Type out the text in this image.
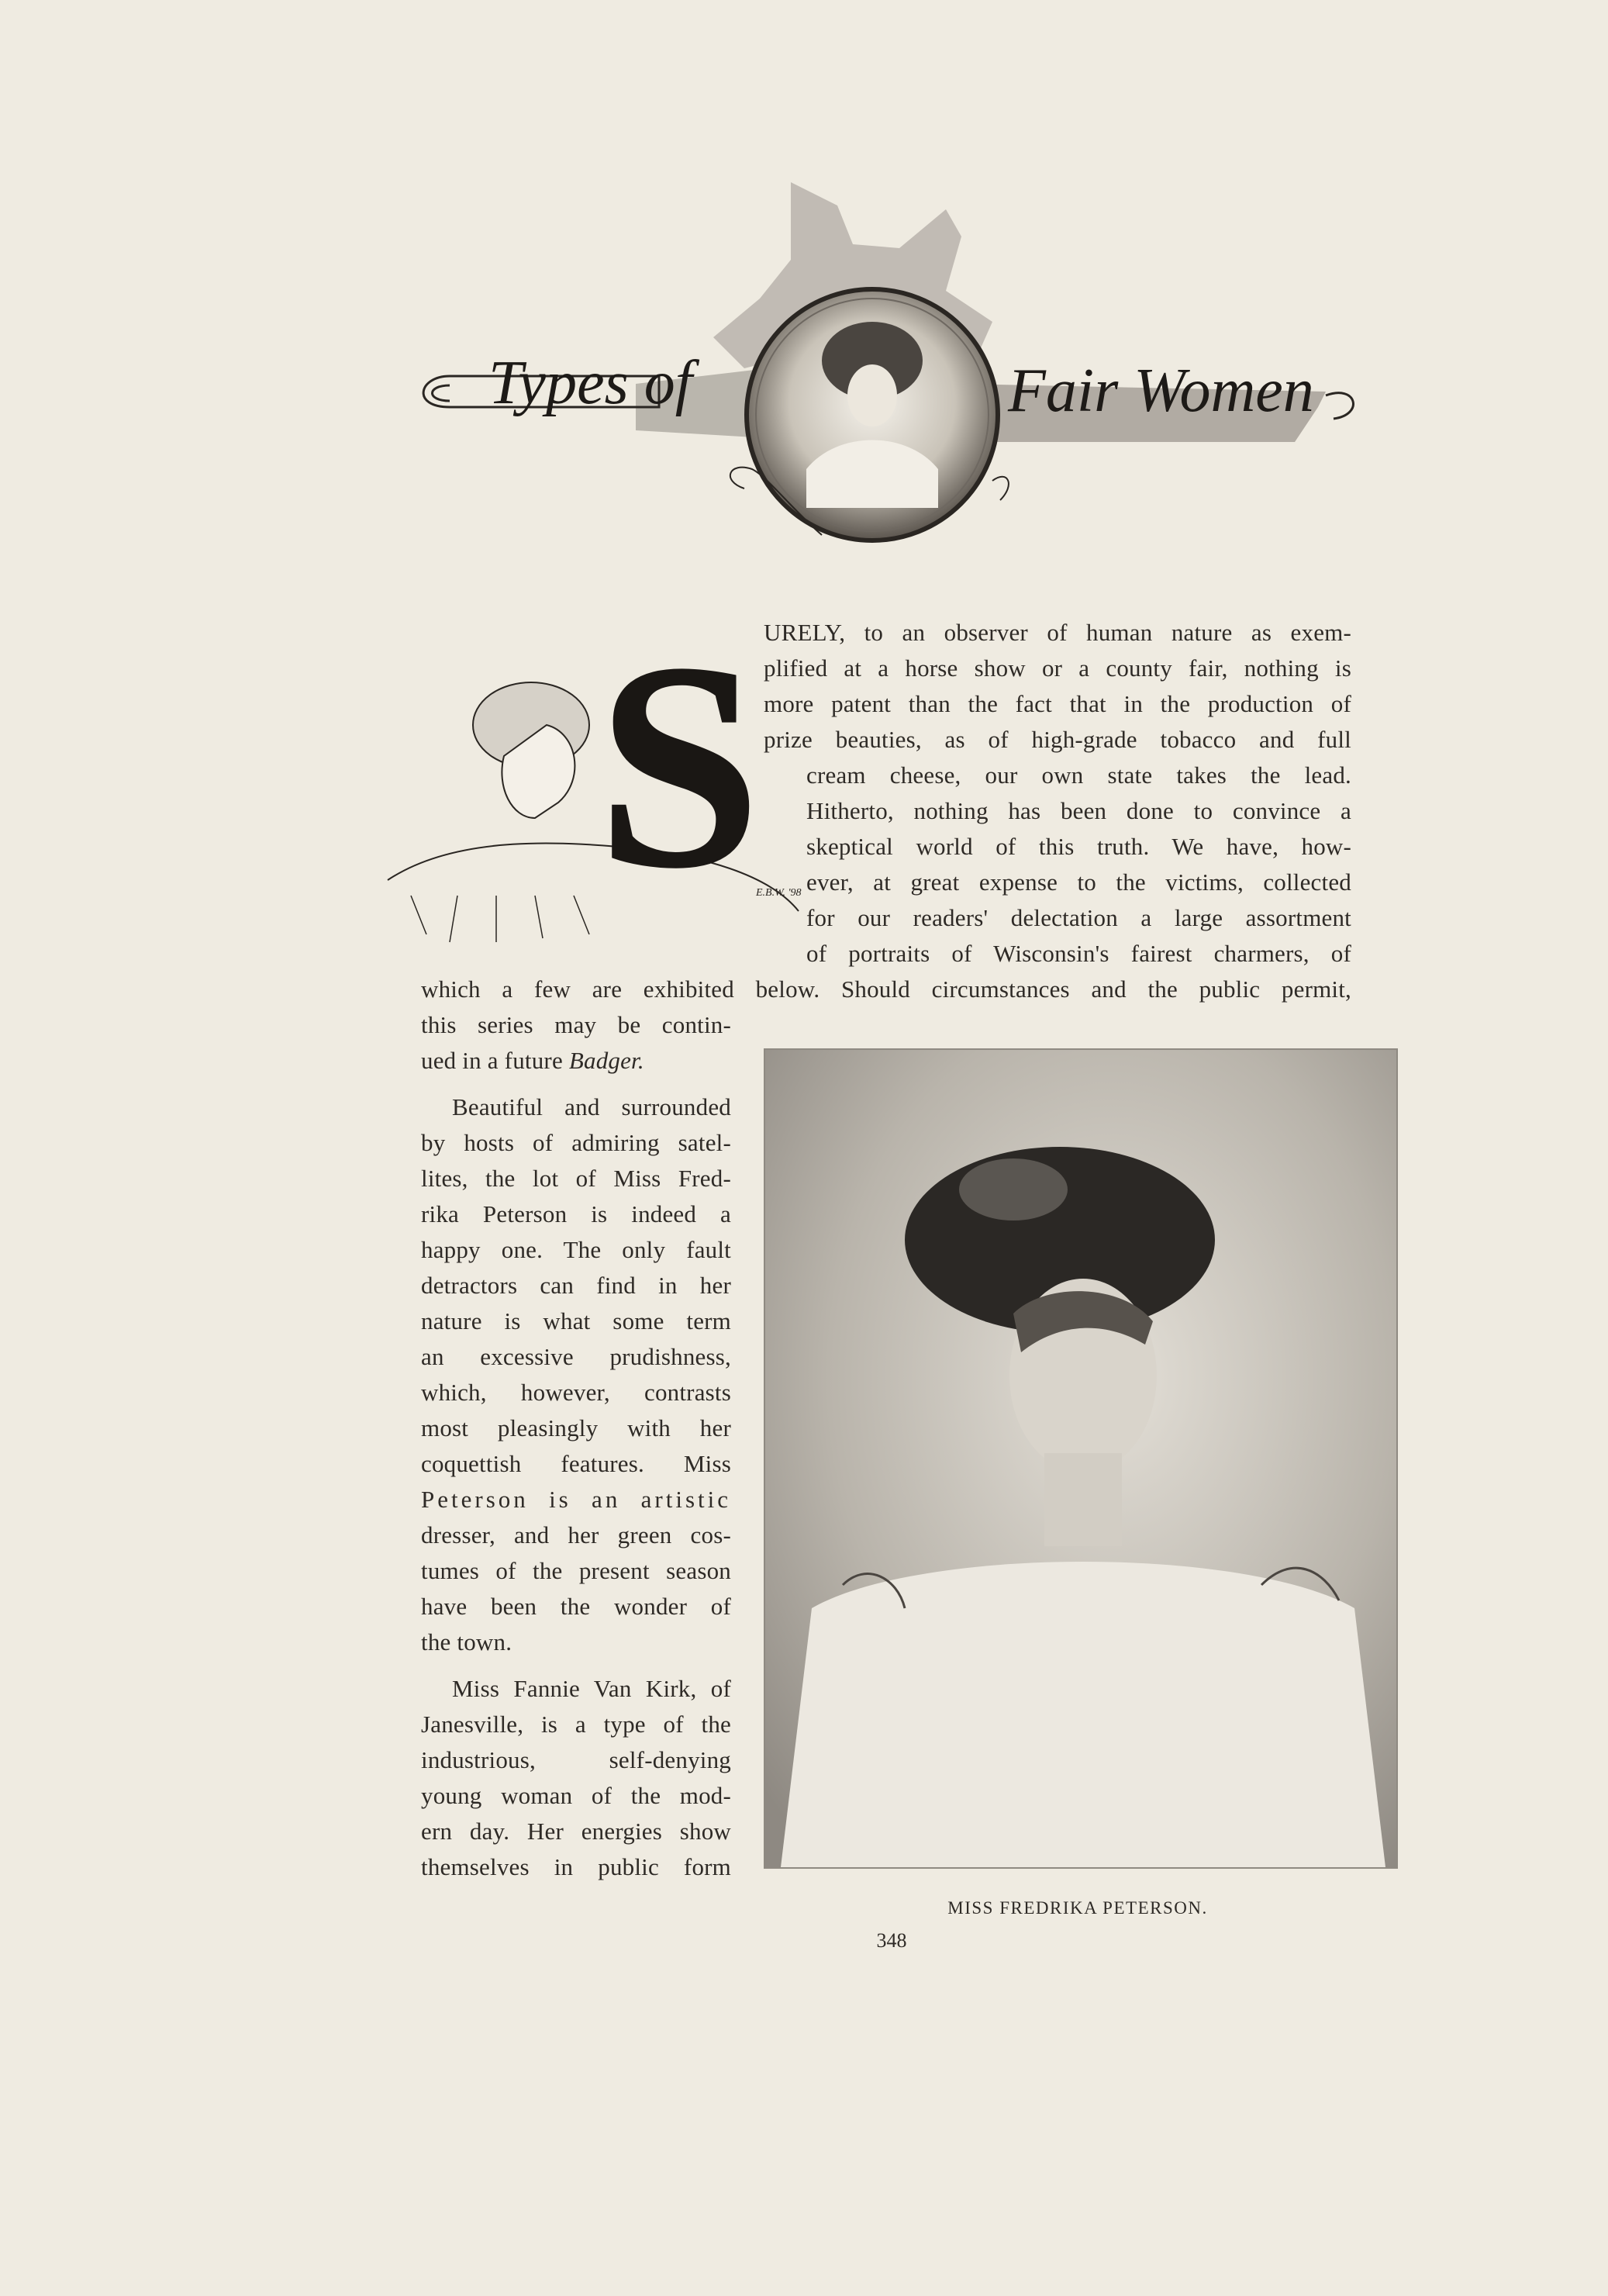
Types of	Fair Women
S
E.B.W. '98
URELY, to an observer of human nature as exem-
plified at a horse show or a county fair, nothing is
more patent than the fact that in the production of
prize beauties, as of high-grade tobacco and full
cream cheese, our own state takes the lead.
Hitherto, nothing has been done to convince a
skeptical world of this truth. We have, how-
ever, at great expense to the victims, collected
for our readers' delectation a large assortment
of portraits of Wisconsin's fairest charmers, of
which a few are exhibited below. Should circumstances and the public permit,
this series may be contin-
ued in a future Badger.
Beautiful and surrounded
by hosts of admiring satel-
lites, the lot of Miss Fred-
rika Peterson is indeed a
happy one. The only fault
detractors can find in her
nature is what some term
an excessive prudishness,
which, however, contrasts
most pleasingly with her
coquettish features. Miss
Peterson is an artistic
dresser, and her green cos-
tumes of the present season
have been the wonder of
the town.
Miss Fannie Van Kirk, of
Janesville, is a type of the
industrious, self-denying
young woman of the mod-
ern day. Her energies show
themselves in public form
MISS FREDRIKA PETERSON.
348
